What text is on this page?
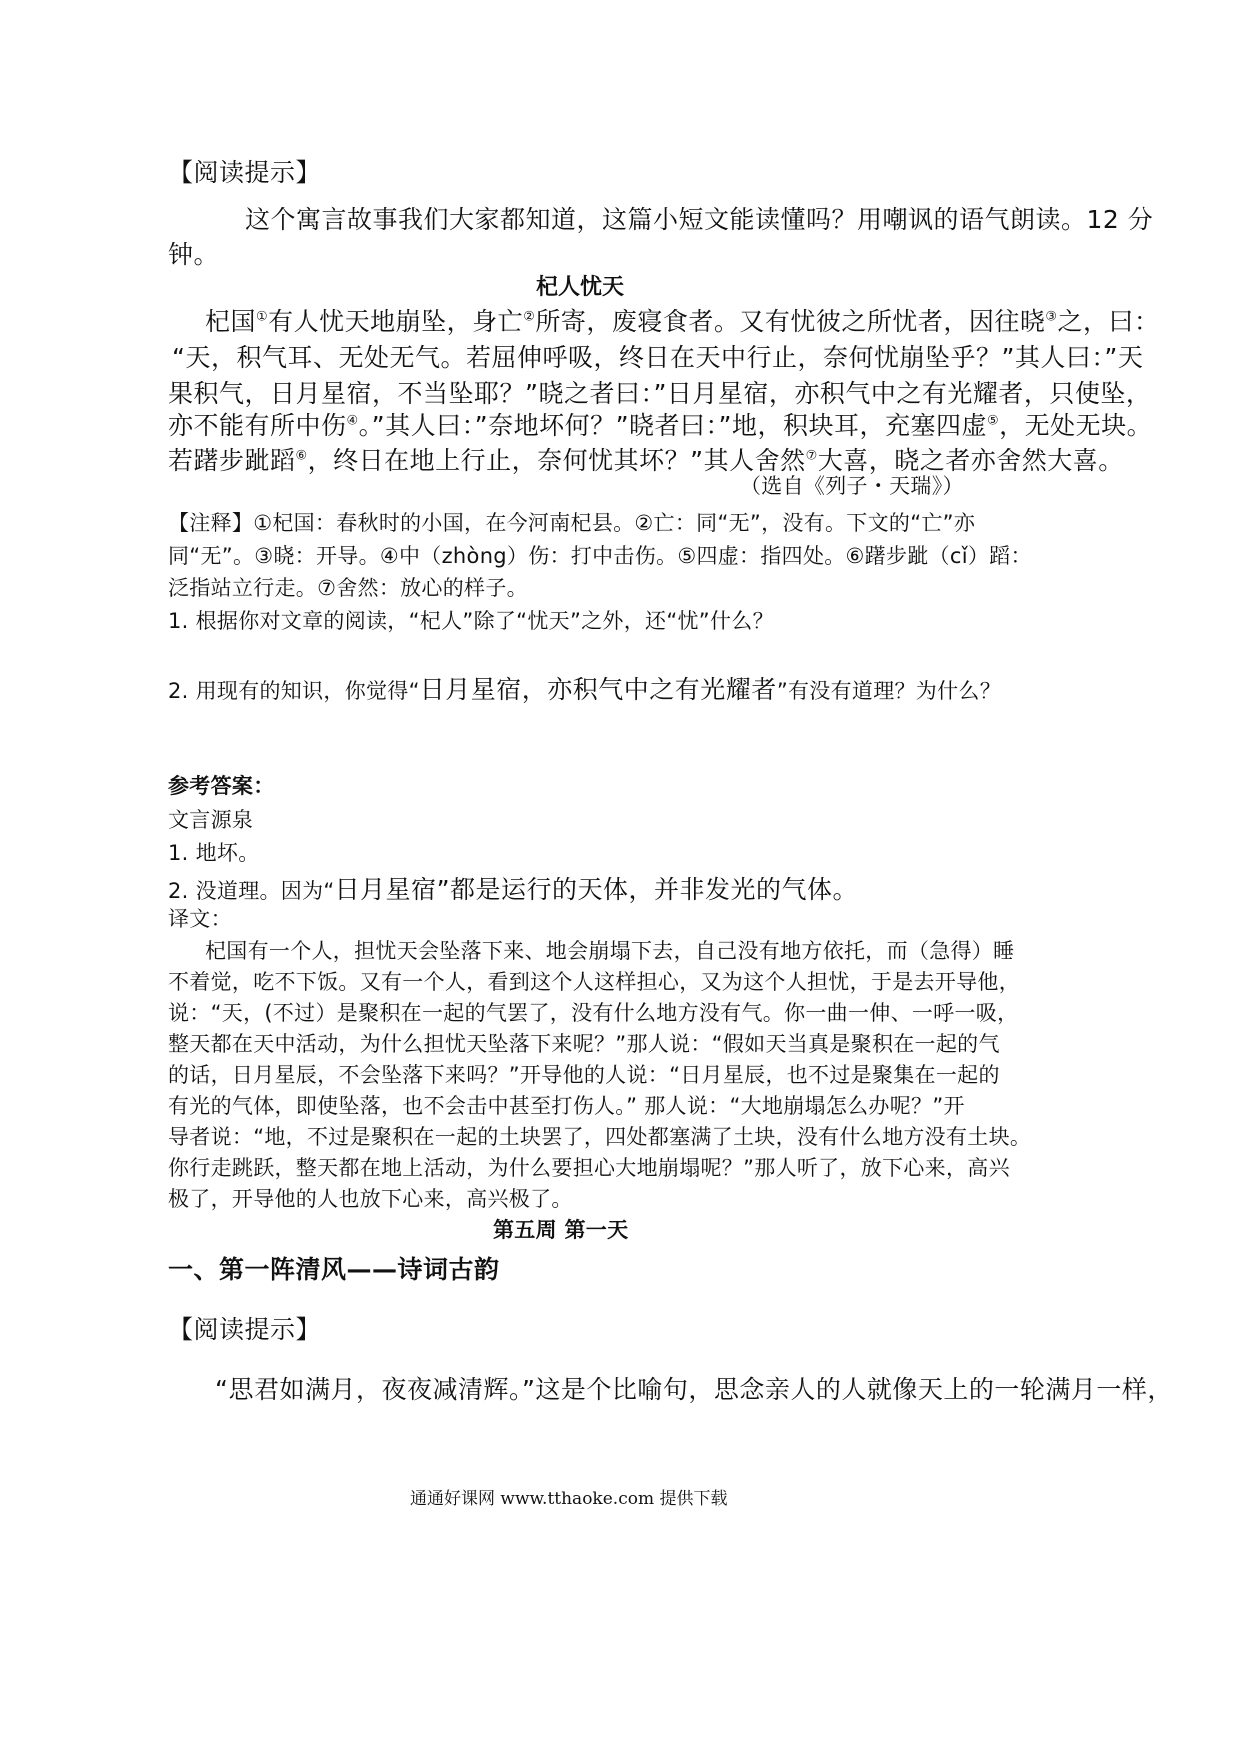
【阅读提示】
这个寓言故事我们大家都知道，这篇小短文能读懂吗？用嘲讽的语气朗读。12 分
钟。
杞人忧天
杞国①有人忧天地崩坠，身亡②所寄，废寝食者。又有忧彼之所忧者，因往晓③之，曰：
“天，积气耳、无处无气。若屈伸呼吸，终日在天中行止，奈何忧崩坠乎？”其人曰：”天
果积气，日月星宿，不当坠耶？”晓之者曰：”日月星宿，亦积气中之有光耀者，只使坠，
亦不能有所中伤④。”其人曰：”奈地坏何？”晓者曰：”地，积块耳，充塞四虚⑤，无处无块。
若躇步跐蹈⑥，终日在地上行止，奈何忧其坏？”其人舍然⑦大喜，晓之者亦舍然大喜。
（选自《列子・天瑞》）
【注释】①杞国：春秋时的小国，在今河南杞县。②亡：同“无”，没有。下文的“亡”亦
同“无”。③晓：开导。④中（zhòng）伤：打中击伤。⑤四虚：指四处。⑥躇步跐（cǐ）蹈：
泛指站立行走。⑦舍然：放心的样子。
1. 根据你对文章的阅读，“杞人”除了“忧天”之外，还“忧”什么？
2. 用现有的知识，你觉得“日月星宿，亦积气中之有光耀者”有没有道理？为什么？
参考答案：
文言源泉
1. 地坏。
2. 没道理。因为“日月星宿”都是运行的天体，并非发光的气体。
译文：
杞国有一个人，担忧天会坠落下来、地会崩塌下去，自己没有地方依托，而（急得）睡
不着觉，吃不下饭。又有一个人，看到这个人这样担心，又为这个人担忧，于是去开导他，
说：“天，(不过）是聚积在一起的气罢了，没有什么地方没有气。你一曲一伸、一呼一吸，
整天都在天中活动，为什么担忧天坠落下来呢？”那人说：“假如天当真是聚积在一起的气
的话，日月星辰，不会坠落下来吗？”开导他的人说：“日月星辰，也不过是聚集在一起的
有光的气体，即使坠落，也不会击中甚至打伤人。” 那人说：“大地崩塌怎么办呢？”开
导者说：“地，不过是聚积在一起的土块罢了，四处都塞满了土块，没有什么地方没有土块。
你行走跳跃，整天都在地上活动，为什么要担心大地崩塌呢？”那人听了，放下心来，高兴
极了，开导他的人也放下心来，高兴极了。
第五周 第一天
一、第一阵清风——诗词古韵
【阅读提示】
“思君如满月，夜夜减清辉。”这是个比喻句，思念亲人的人就像天上的一轮满月一样，
通通好课网 www.tthaoke.com 提供下载
